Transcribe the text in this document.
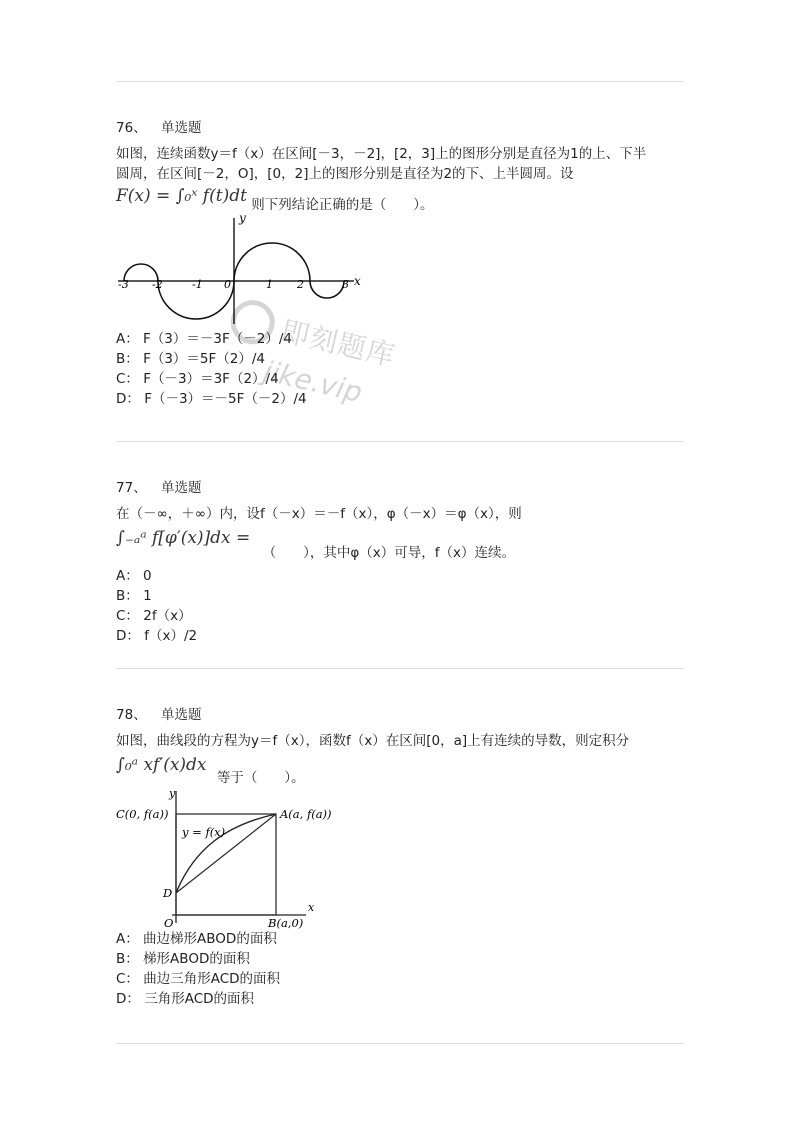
76、 单选题
如图，连续函数y＝f（x）在区间[－3，－2]，[2，3]上的图形分别是直径为1的上、下半
圆周，在区间[－2，O]，[0，2]上的图形分别是直径为2的下、上半圆周。设
F(x) = ∫₀ˣ f(t)dt 则下列结论正确的是（　　）。
y
x
-3 -2	-1 0	1 2	3
A： F（3）＝－3F（－2）/4
B： F（3）＝5F（2）/4
C： F（－3）＝3F（2）/4
D： F（－3）＝－5F（－2）/4
77、 单选题
在（－∞，＋∞）内，设f（－x）＝－f（x），φ（－x）＝φ（x），则
∫₋ₐᵃ f[φ′(x)]dx = （　　），其中φ（x）可导，f（x）连续。
A： 0
B： 1
C： 2f（x）
D： f（x）/2
78、 单选题
如图，曲线段的方程为y＝f（x），函数f（x）在区间[0，a]上有连续的导数，则定积分
∫₀ᵃ xf′(x)dx 等于（　　）。
y
x
C(0, f(a))	A(a, f(a))
y = f(x)
D
O	B(a,0)
A： 曲边梯形ABOD的面积
B： 梯形ABOD的面积
C： 曲边三角形ACD的面积
D： 三角形ACD的面积
即刻题库
jike.vip
